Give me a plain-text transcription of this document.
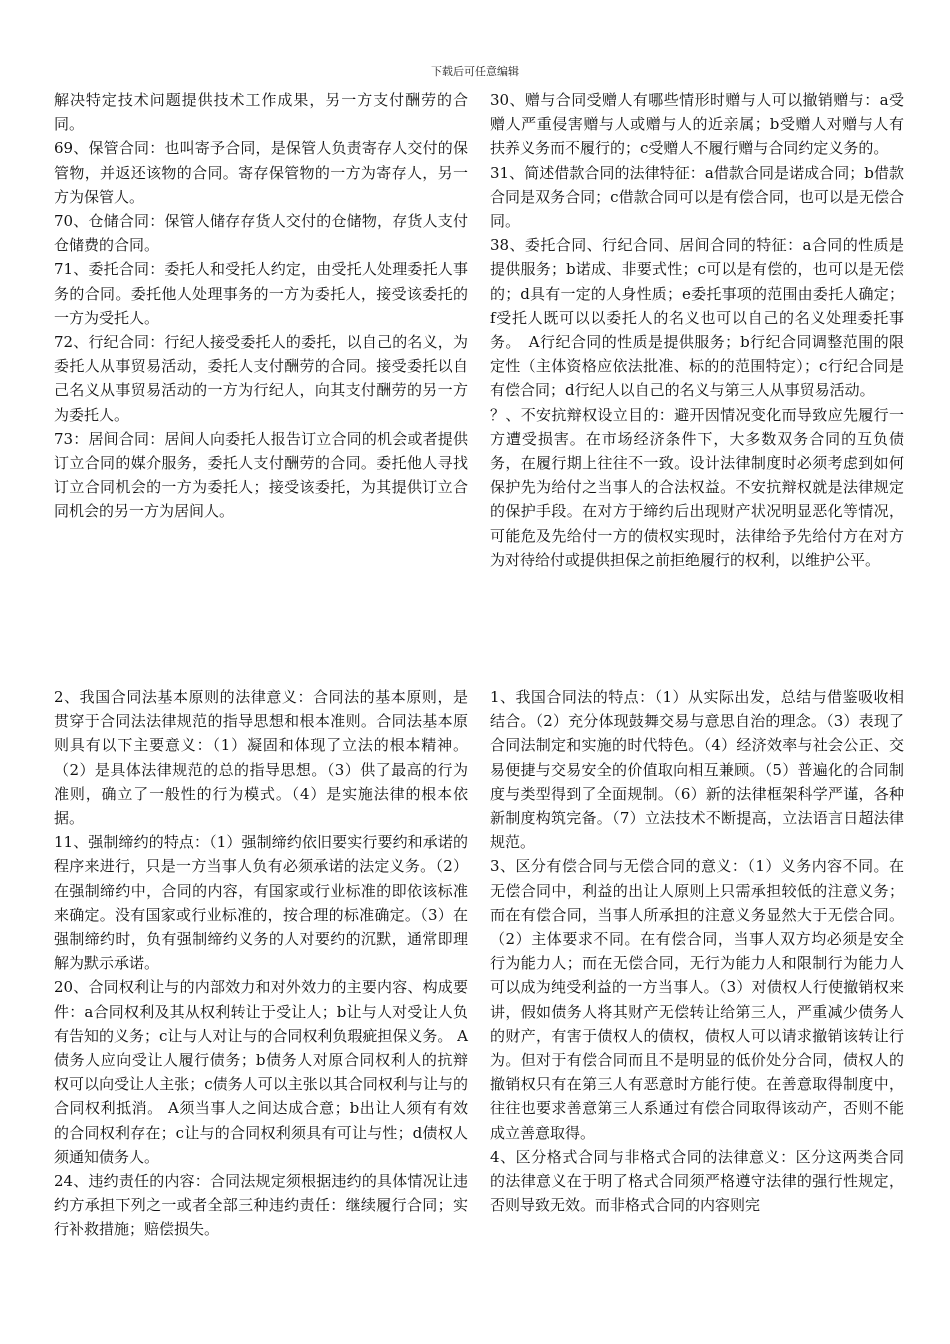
下载后可任意编辑

解决特定技术问题提供技术工作成果，另一方支付酬劳的合同。

69、保管合同：也叫寄予合同，是保管人负责寄存人交付的保管物，并返还该物的合同。寄存保管物的一方为寄存人，另一方为保管人。

70、仓储合同：保管人储存存货人交付的仓储物，存货人支付仓储费的合同。

71、委托合同：委托人和受托人约定，由受托人处理委托人事务的合同。委托他人处理事务的一方为委托人，接受该委托的一方为受托人。

72、行纪合同：行纪人接受委托人的委托，以自己的名义，为委托人从事贸易活动，委托人支付酬劳的合同。接受委托以自己名义从事贸易活动的一方为行纪人，向其支付酬劳的另一方为委托人。

73：居间合同：居间人向委托人报告订立合同的机会或者提供订立合同的媒介服务，委托人支付酬劳的合同。委托他人寻找订立合同机会的一方为委托人；接受该委托，为其提供订立合同机会的另一方为居间人。

30、赠与合同受赠人有哪些情形时赠与人可以撤销赠与：a受赠人严重侵害赠与人或赠与人的近亲属；b受赠人对赠与人有扶养义务而不履行的；c受赠人不履行赠与合同约定义务的。

31、简述借款合同的法律特征：a借款合同是诺成合同；b借款合同是双务合同；c借款合同可以是有偿合同，也可以是无偿合同。

38、委托合同、行纪合同、居间合同的特征：a合同的性质是提供服务；b诺成、非要式性；c可以是有偿的，也可以是无偿的；d具有一定的人身性质；e委托事项的范围由委托人确定；f受托人既可以以委托人的名义也可以自己的名义处理委托事务。　A行纪合同的性质是提供服务；b行纪合同调整范围的限定性（主体资格应依法批准、标的的范围特定）；c行纪合同是有偿合同；d行纪人以自己的名义与第三人从事贸易活动。

？、不安抗辩权设立目的：避开因情况变化而导致应先履行一方遭受损害。在市场经济条件下，大多数双务合同的互负债务，在履行期上往往不一致。设计法律制度时必须考虑到如何保护先为给付之当事人的合法权益。不安抗辩权就是法律规定的保护手段。在对方于缔约后出现财产状况明显恶化等情况，可能危及先给付一方的债权实现时，法律给予先给付方在对方为对待给付或提供担保之前拒绝履行的权利，以维护公平。

2、我国合同法基本原则的法律意义：合同法的基本原则，是贯穿于合同法法律规范的指导思想和根本准则。合同法基本原则具有以下主要意义：（1）凝固和体现了立法的根本精神。（2）是具体法律规范的总的指导思想。（3）供了最高的行为准则，确立了一般性的行为模式。（4）是实施法律的根本依据。

11、强制缔约的特点：（1）强制缔约依旧要实行要约和承诺的程序来进行，只是一方当事人负有必须承诺的法定义务。（2）在强制缔约中，合同的内容，有国家或行业标准的即依该标准来确定。没有国家或行业标准的，按合理的标准确定。（3）在强制缔约时，负有强制缔约义务的人对要约的沉默，通常即理解为默示承诺。

20、合同权利让与的内部效力和对外效力的主要内容、构成要件：a合同权利及其从权利转让于受让人；b让与人对受让人负有告知的义务；c让与人对让与的合同权利负瑕疵担保义务。 A债务人应向受让人履行债务；b债务人对原合同权利人的抗辩权可以向受让人主张；c债务人可以主张以其合同权利与让与的合同权利抵消。 A须当事人之间达成合意；b出让人须有有效的合同权利存在；c让与的合同权利须具有可让与性；d债权人须通知债务人。

24、违约责任的内容：合同法规定须根据违约的具体情况让违约方承担下列之一或者全部三种违约责任：继续履行合同；实行补救措施；赔偿损失。

1、我国合同法的特点：（1）从实际出发，总结与借鉴吸收相结合。（2）充分体现鼓舞交易与意思自治的理念。（3）表现了合同法制定和实施的时代特色。（4）经济效率与社会公正、交易便捷与交易安全的价值取向相互兼顾。（5）普遍化的合同制度与类型得到了全面规制。（6）新的法律框架科学严谨，各种新制度构筑完备。（7）立法技术不断提高，立法语言日超法律规范。

3、区分有偿合同与无偿合同的意义：（1）义务内容不同。在无偿合同中，利益的出让人原则上只需承担较低的注意义务；而在有偿合同，当事人所承担的注意义务显然大于无偿合同。（2）主体要求不同。在有偿合同，当事人双方均必须是安全行为能力人；而在无偿合同，无行为能力人和限制行为能力人可以成为纯受利益的一方当事人。（3）对债权人行使撤销权来讲，假如债务人将其财产无偿转让给第三人，严重减少债务人的财产，有害于债权人的债权，债权人可以请求撤销该转让行为。但对于有偿合同而且不是明显的低价处分合同，债权人的撤销权只有在第三人有恶意时方能行使。在善意取得制度中，往往也要求善意第三人系通过有偿合同取得该动产，否则不能成立善意取得。

4、区分格式合同与非格式合同的法律意义：区分这两类合同的法律意义在于明了格式合同须严格遵守法律的强行性规定，否则导致无效。而非格式合同的内容则完
